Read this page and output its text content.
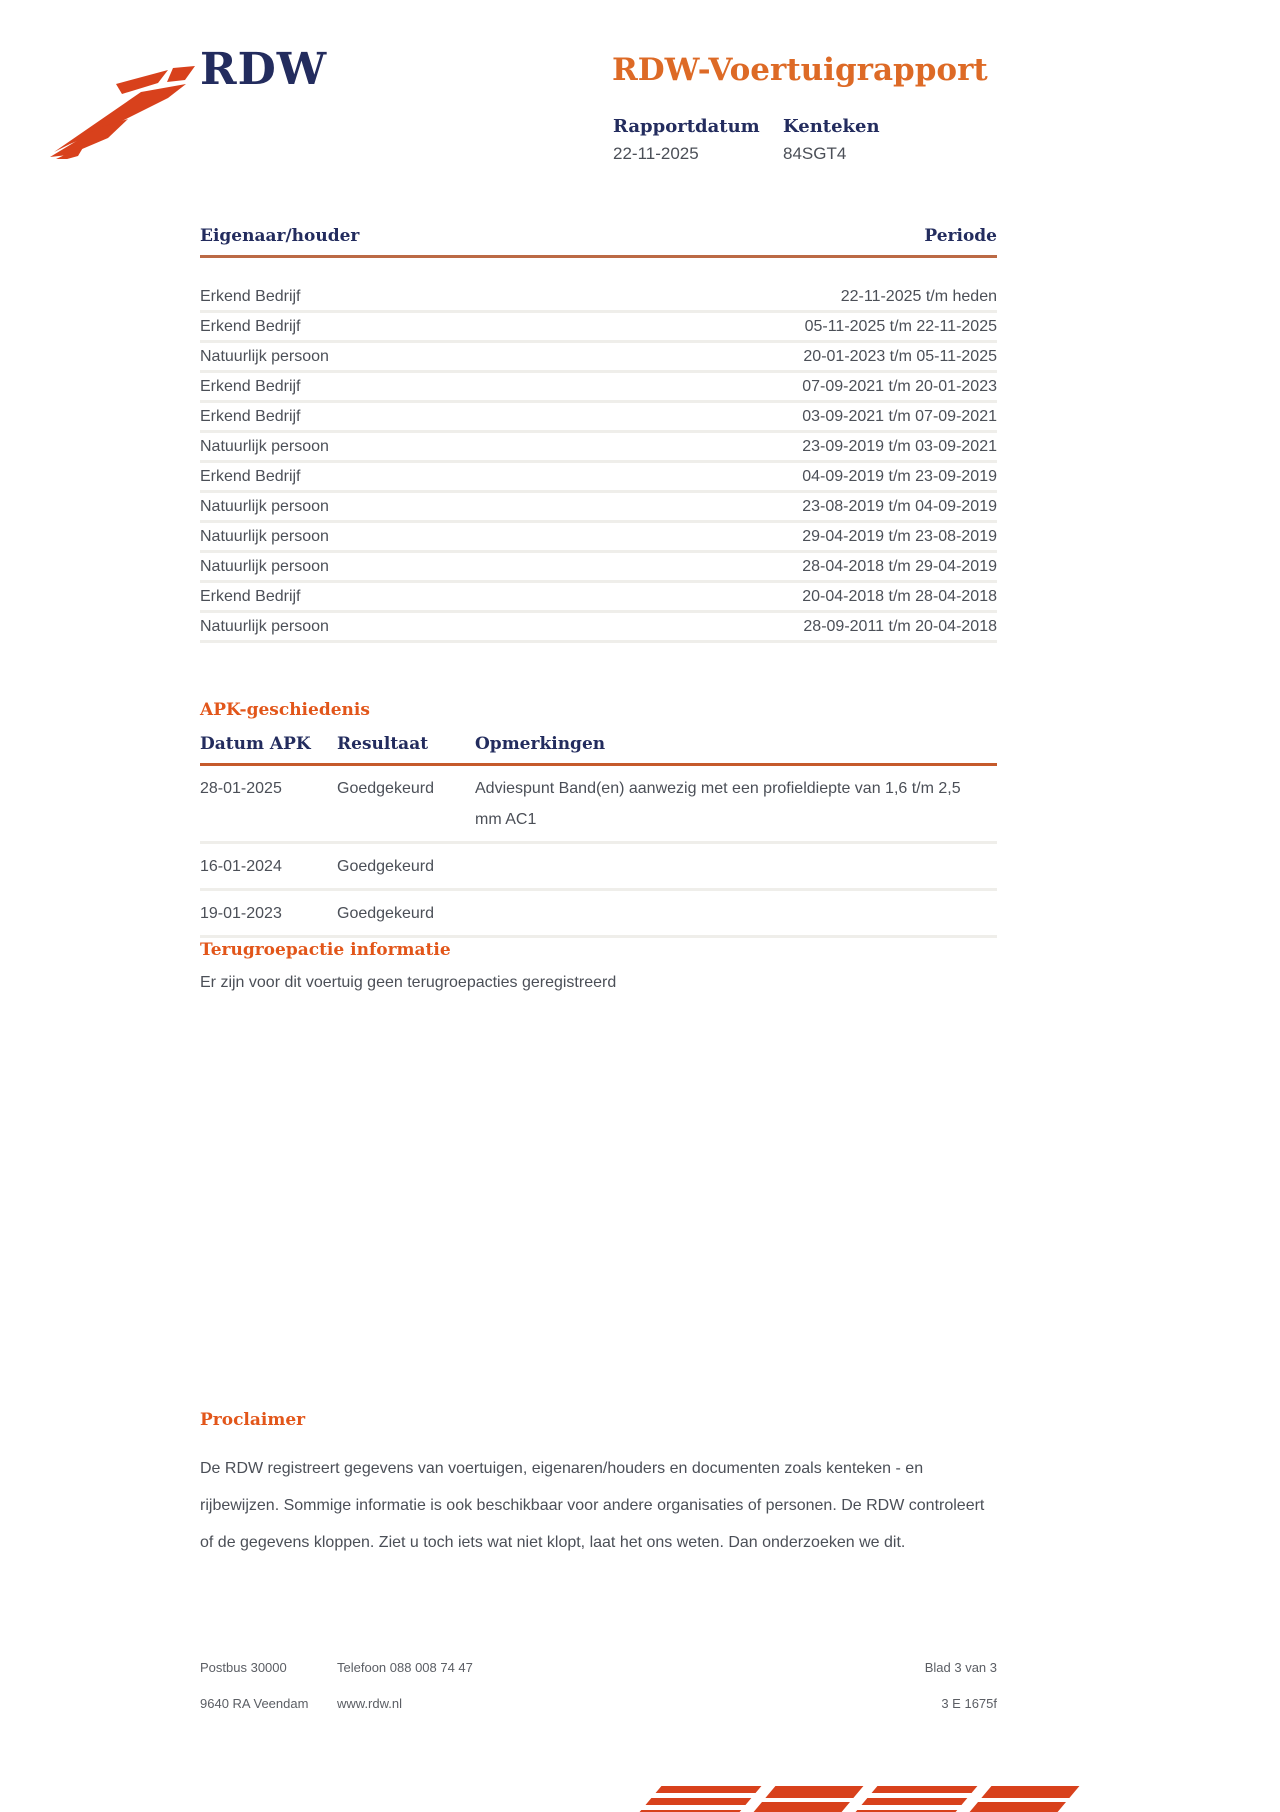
RDW	RDW-Voertuigrapport
Rapportdatum
22-11-2025
Kenteken
84SGT4
Eigenaar/houder	Periode
Erkend Bedrijf	22-11-2025 t/m heden
Erkend Bedrijf	05-11-2025 t/m 22-11-2025
Natuurlijk persoon	20-01-2023 t/m 05-11-2025
Erkend Bedrijf	07-09-2021 t/m 20-01-2023
Erkend Bedrijf	03-09-2021 t/m 07-09-2021
Natuurlijk persoon	23-09-2019 t/m 03-09-2021
Erkend Bedrijf	04-09-2019 t/m 23-09-2019
Natuurlijk persoon	23-08-2019 t/m 04-09-2019
Natuurlijk persoon	29-04-2019 t/m 23-08-2019
Natuurlijk persoon	28-04-2018 t/m 29-04-2019
Erkend Bedrijf	20-04-2018 t/m 28-04-2018
Natuurlijk persoon	28-09-2011 t/m 20-04-2018
APK-geschiedenis
Datum APK	Resultaat	Opmerkingen
28-01-2025	Goedgekeurd	Adviespunt Band(en) aanwezig met een profieldiepte van 1,6 t/m 2,5 mm AC1
16-01-2024	Goedgekeurd
19-01-2023	Goedgekeurd
Terugroepactie informatie
Er zijn voor dit voertuig geen terugroepacties geregistreerd
Proclaimer
De RDW registreert gegevens van voertuigen, eigenaren/houders en documenten zoals kenteken - en rijbewijzen. Sommige informatie is ook beschikbaar voor andere organisaties of personen. De RDW controleert of de gegevens kloppen. Ziet u toch iets wat niet klopt, laat het ons weten. Dan onderzoeken we dit.
Postbus 30000	Telefoon 088 008 74 47	Blad 3 van 3
9640 RA Veendam	www.rdw.nl	3 E 1675f
